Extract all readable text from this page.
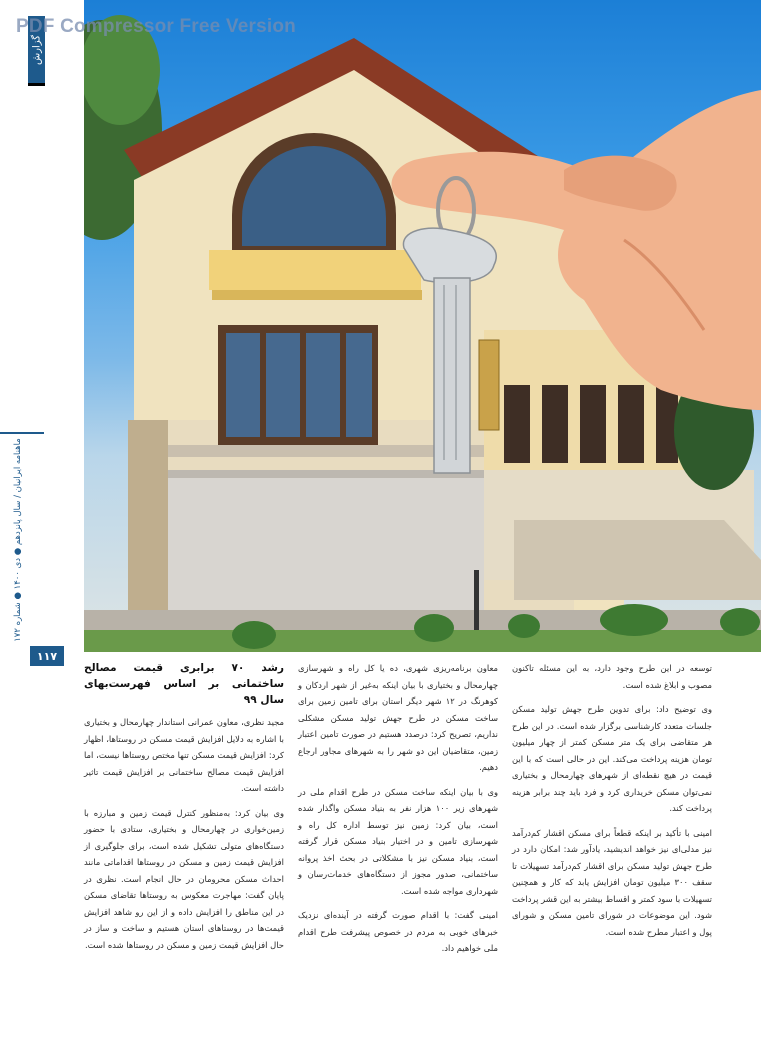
PDF Compressor Free Version
گزارش
ماهنامه ایرانیان / سال پانزدهم ● دی ۱۴۰۰ ● شماره ۱۷۲
۱۱۷

توسعه در این طرح وجود دارد، به این مسئله تاکنون مصوب و ابلاغ شده است.

وی توضیح داد: برای تدوین طرح جهش تولید مسکن جلسات متعدد کارشناسی برگزار شده است. در این طرح هر متقاضی برای یک متر مسکن کمتر از چهار میلیون تومان هزینه پرداخت می‌کند. این در حالی است که با این قیمت در هیچ نقطه‌ای از شهرهای چهارمحال و بختیاری نمی‌توان مسکن خریداری کرد و فرد باید چند برابر هزینه پرداخت کند.

امینی با تأکید بر اینکه قطعاً برای مسکن اقشار کم‌درآمد نیز مدلی‌ای نیز خواهد اندیشید، یادآور شد: امکان دارد در طرح جهش تولید مسکن برای اقشار کم‌درآمد تسهیلات تا سقف ۳۰۰ میلیون تومان افزایش یابد که کار و همچنین تسهیلات با سود کمتر و اقساط بیشتر به این قشر پرداخت شود. این موضوعات در شورای تامین مسکن و شورای پول و اعتبار مطرح شده است.

معاون برنامه‌ریزی شهری، ده یا کل راه و شهرسازی چهارمحال و بختیاری با بیان اینکه به‌غیر از شهر اردکان و کوهرنگ در ۱۲ شهر دیگر استان برای تامین زمین برای ساخت مسکن در طرح جهش تولید مسکن مشکلی نداریم، تصریح کرد: درصدد هستیم در صورت تامین اعتبار زمین، متقاضیان این دو شهر را به شهرهای مجاور ارجاع دهیم.

وی با بیان اینکه ساخت مسکن در طرح اقدام ملی در شهرهای زیر ۱۰۰ هزار نفر به بنیاد مسکن واگذار شده است، بیان کرد: زمین نیز توسط اداره کل راه و شهرسازی تامین و در اختیار بنیاد مسکن قرار گرفته است، بنیاد مسکن نیز با مشکلاتی در بحث اخذ پروانه ساختمانی، صدور مجوز از دستگاه‌های خدمات‌رسان و شهرداری مواجه شده است.

امینی گفت: با اقدام صورت گرفته در آینده‌ای نزدیک خبرهای خوبی به مردم در خصوص پیشرفت طرح اقدام ملی خواهیم داد.

رشد ۷۰ برابری قیمت مصالح ساختمانی بر اساس فهرست‌بهای سال ۹۹

مجید نظری، معاون عمرانی استاندار چهارمحال و بختیاری با اشاره به دلایل افزایش قیمت مسکن در روستاها، اظهار کرد: افزایش قیمت مسکن تنها مختص روستاها نیست، اما افزایش قیمت مصالح ساختمانی بر افزایش قیمت تاثیر داشته است.

وی بیان کرد: به‌منظور کنترل قیمت زمین و مبارزه با زمین‌خواری در چهارمحال و بختیاری، ستادی با حضور دستگاه‌های متولی تشکیل شده است، برای جلوگیری از افزایش قیمت زمین و مسکن در روستاها اقداماتی مانند احداث مسکن محرومان در حال انجام است. نظری در پایان گفت: مهاجرت معکوس به روستاها تقاضای مسکن در این مناطق را افزایش داده و از این رو شاهد افزایش قیمت‌ها در روستاهای استان هستیم و ساخت و ساز در حال افزایش قیمت زمین و مسکن در روستاها شده است.
